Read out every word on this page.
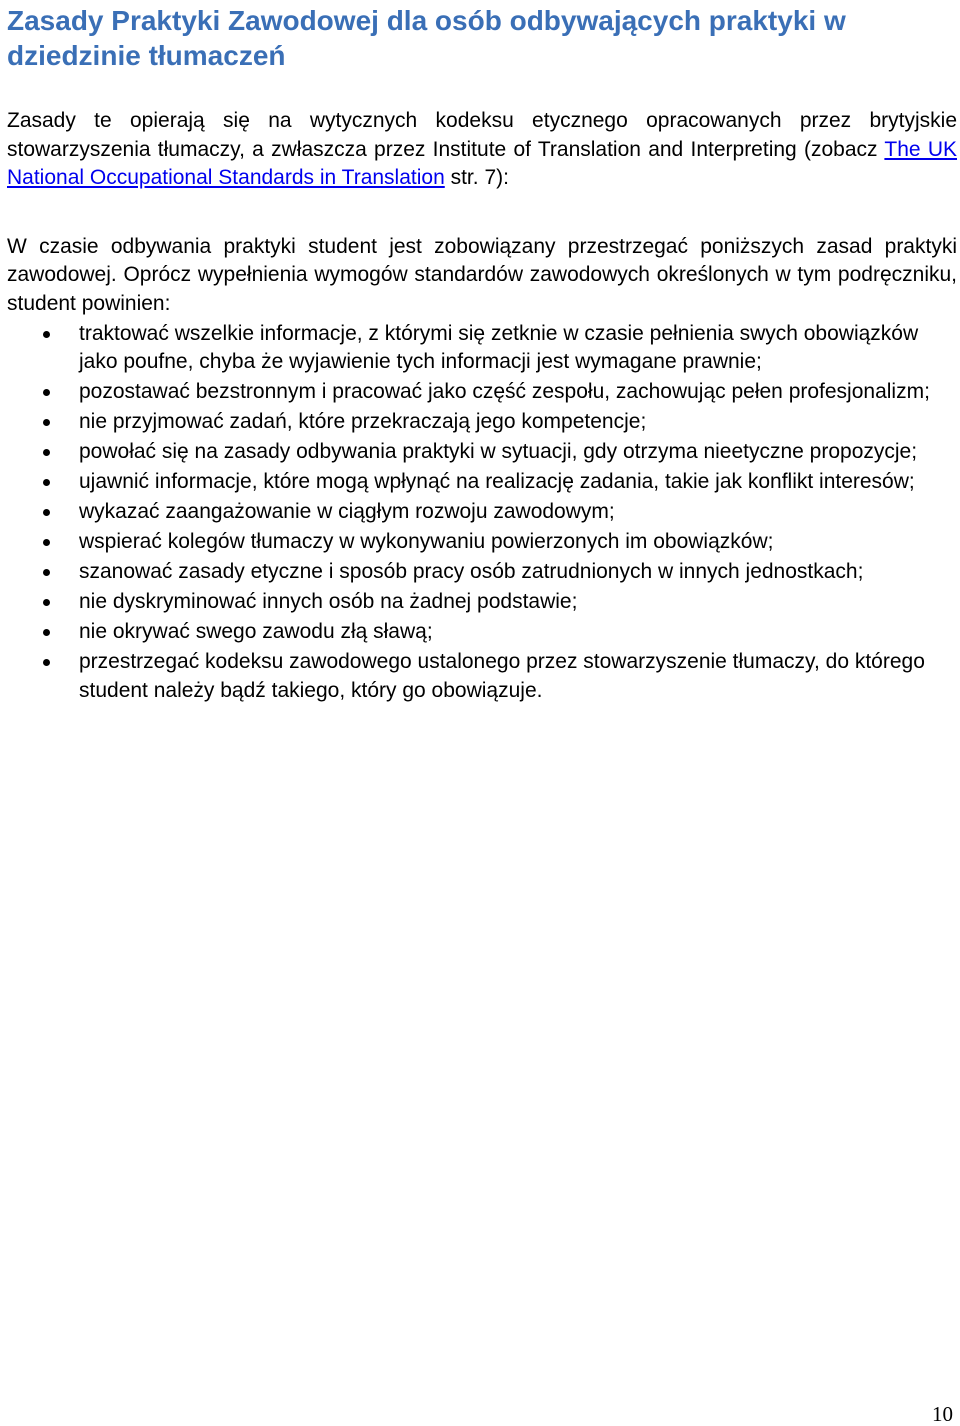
Zasady Praktyki Zawodowej dla osób odbywających praktyki w dziedzinie tłumaczeń

Zasady te opierają się na wytycznych kodeksu etycznego opracowanych przez brytyjskie stowarzyszenia tłumaczy, a zwłaszcza przez Institute of Translation and Interpreting (zobacz The UK National Occupational Standards in Translation str. 7):

W czasie odbywania praktyki student jest zobowiązany przestrzegać poniższych zasad praktyki zawodowej. Oprócz wypełnienia wymogów standardów zawodowych określonych w tym podręczniku, student powinien:

traktować wszelkie informacje, z którymi się zetknie w czasie pełnienia swych obowiązków jako poufne, chyba że wyjawienie tych informacji jest wymagane prawnie;
pozostawać bezstronnym i pracować jako część zespołu, zachowując pełen profesjonalizm;
nie przyjmować zadań, które przekraczają jego kompetencje;
powołać się na zasady odbywania praktyki w sytuacji, gdy otrzyma nieetyczne propozycje;
ujawnić informacje, które mogą wpłynąć na realizację zadania, takie jak konflikt interesów;
wykazać zaangażowanie w ciągłym rozwoju zawodowym;
wspierać kolegów tłumaczy w wykonywaniu powierzonych im obowiązków;
szanować zasady etyczne i sposób pracy osób zatrudnionych w innych jednostkach;
nie dyskryminować innych osób na żadnej podstawie;
nie okrywać swego zawodu złą sławą;
przestrzegać kodeksu zawodowego ustalonego przez stowarzyszenie tłumaczy, do którego student należy bądź takiego, który go obowiązuje.
10
